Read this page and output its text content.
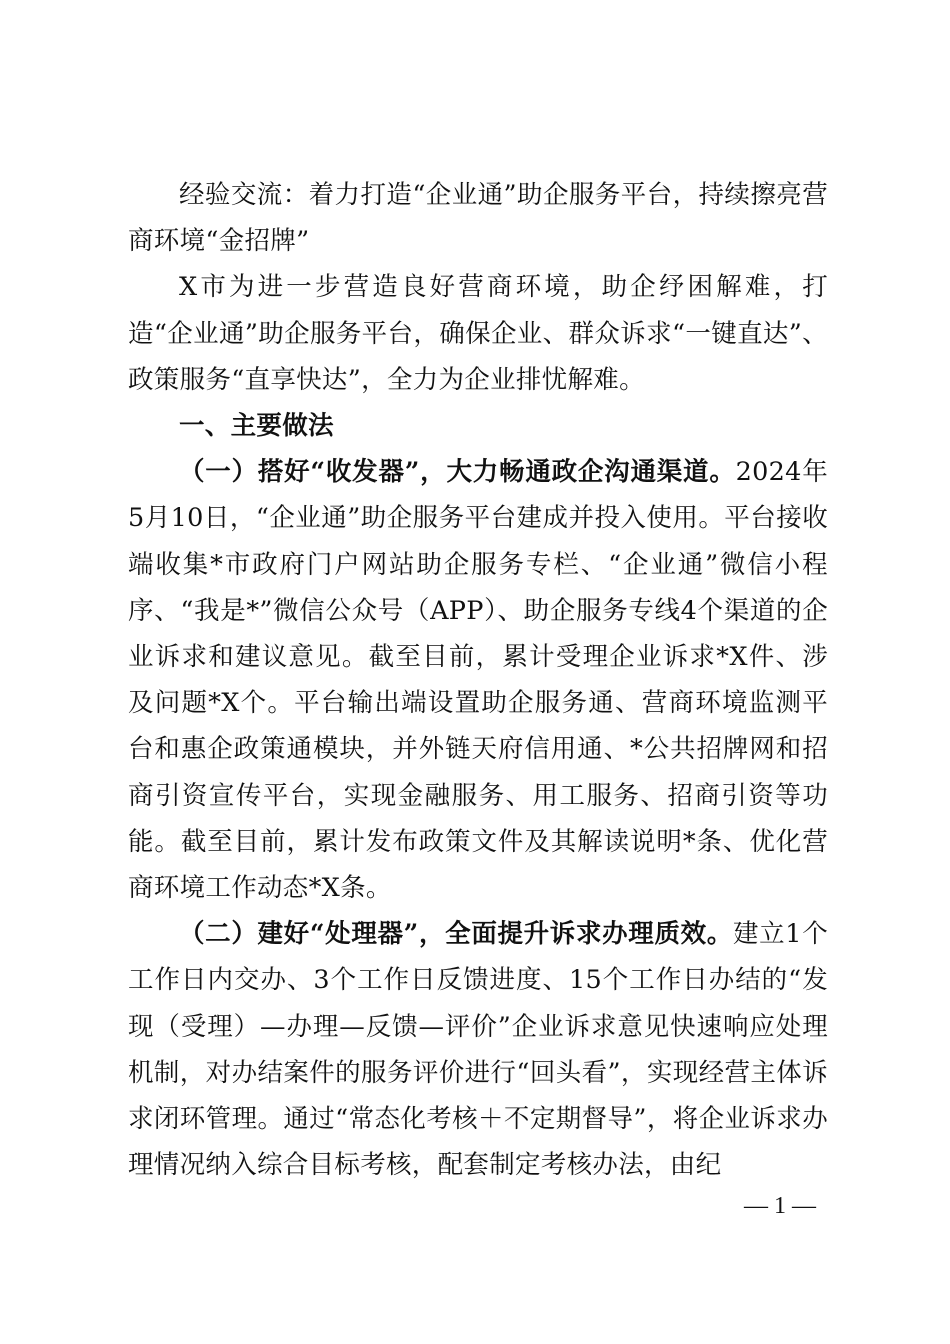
经验交流：着力打造“企业通”助企服务平台，持续擦亮营商环境“金招牌”

X市为进一步营造良好营商环境，助企纾困解难，打造“企业通”助企服务平台，确保企业、群众诉求“一键直达”、政策服务“直享快达”，全力为企业排忧解难。

一、主要做法

（一）搭好“收发器”，大力畅通政企沟通渠道。2024年5月10日，“企业通”助企服务平台建成并投入使用。平台接收端收集*市政府门户网站助企服务专栏、“企业通”微信小程序、“我是*”微信公众号（APP）、助企服务专线4个渠道的企业诉求和建议意见。截至目前，累计受理企业诉求*X件、涉及问题*X个。平台输出端设置助企服务通、营商环境监测平台和惠企政策通模块，并外链天府信用通、*公共招牌网和招商引资宣传平台，实现金融服务、用工服务、招商引资等功能。截至目前，累计发布政策文件及其解读说明*条、优化营商环境工作动态*X条。

（二）建好“处理器”，全面提升诉求办理质效。建立1个工作日内交办、3个工作日反馈进度、15个工作日办结的“发现（受理）—办理—反馈—评价”企业诉求意见快速响应处理机制，对办结案件的服务评价进行“回头看”，实现经营主体诉求闭环管理。通过“常态化考核＋不定期督导”，将企业诉求办理情况纳入综合目标考核，配套制定考核办法，由纪

— 1 —
